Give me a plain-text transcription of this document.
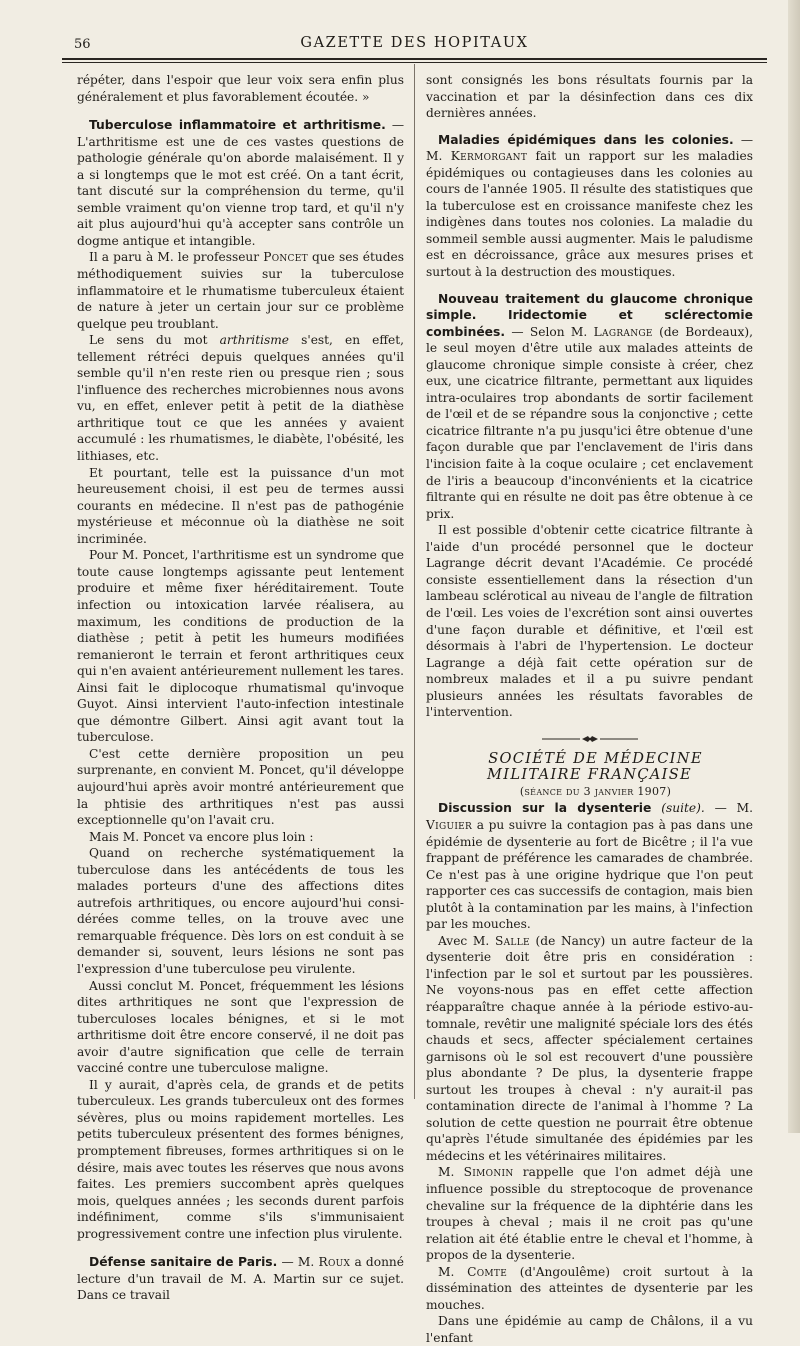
56	GAZETTE DES HOPITAUX

répéter, dans l'espoir que leur voix sera enfin plus généralement et plus favorablement écoutée. »

Tuberculose inflammatoire et arthritisme. — L'arthritisme est une de ces vastes questions de pathologie générale qu'on aborde malaisément. Il y a si longtemps que le mot est créé. On a tant écrit, tant discuté sur la compréhension du terme, qu'il semble vraiment qu'on vienne trop tard, et qu'il n'y ait plus aujourd'hui qu'à accepter sans contrôle un dogme antique et intangible.

Il a paru à M. le professeur Poncet que ses études méthodiquement suivies sur la tuberculose inflammatoire et le rhumatisme tuberculeux étaient de nature à jeter un certain jour sur ce problème quelque peu troublant.

Le sens du mot arthritisme s'est, en effet, tellement rétréci depuis quelques années qu'il semble qu'il n'en reste rien ou presque rien ; sous l'influence des recherches microbiennes nous avons vu, en effet, enlever petit à petit de la diathèse arthritique tout ce que les années y avaient accumulé : les rhumatismes, le diabète, l'obésité, les lithiases, etc.

Et pourtant, telle est la puissance d'un mot heureusement choisi, il est peu de termes aussi courants en médecine. Il n'est pas de pathogénie mystérieuse et méconnue où la diathèse ne soit incriminée.

Pour M. Poncet, l'arthritisme est un syndrome que toute cause longtemps agissante peut lentement produire et même fixer héréditairement. Toute infection ou intoxication larvée réalisera, au maximum, les conditions de production de la diathèse ; petit à petit les humeurs modifiées remanieront le terrain et feront arthritiques ceux qui n'en avaient antérieurement nullement les tares. Ainsi fait le diplocoque rhumatismal qu'invoque Guyot. Ainsi intervient l'auto-infection intestinale que démontre Gilbert. Ainsi agit avant tout la tuberculose.

C'est cette dernière proposition un peu surprenante, en convient M. Poncet, qu'il développe aujourd'hui après avoir montré antérieurement que la phtisie des arthritiques n'est pas aussi exceptionnelle qu'on l'avait cru.

Mais M. Poncet va encore plus loin :

Quand on recherche systématiquement la tuberculose dans les antécédents de tous les malades porteurs d'une des affections dites autrefois arthritiques, ou encore aujourd'hui considérées comme telles, on la trouve avec une remarquable fréquence. Dès lors on est conduit à se demander si, souvent, leurs lésions ne sont pas l'expression d'une tuberculose peu virulente.

Aussi conclut M. Poncet, fréquemment les lésions dites arthritiques ne sont que l'expression de tuberculoses locales bénignes, et si le mot arthritisme doit être encore conservé, il ne doit pas avoir d'autre signification que celle de terrain vacciné contre une tuberculose maligne.

Il y aurait, d'après cela, de grands et de petits tuberculeux. Les grands tuberculeux ont des formes sévères, plus ou moins rapidement mortelles. Les petits tuberculeux présentent des formes bénignes, promptement fibreuses, formes arthritiques si on le désire, mais avec toutes les réserves que nous avons faites. Les premiers succombent après quelques mois, quelques années ; les seconds durent parfois indéfiniment, comme s'ils s'immunisaient progressivement contre une infection plus virulente.

Défense sanitaire de Paris. — M. Roux a donné lecture d'un travail de M. A. Martin sur ce sujet. Dans ce travail

sont consignés les bons résultats fournis par la vaccination et par la désinfection dans ces dix dernières années.

Maladies épidémiques dans les colonies. — M. Kermorgant fait un rapport sur les maladies épidémiques ou contagieuses dans les colonies au cours de l'année 1905. Il résulte des statistiques que la tuberculose est en croissance manifeste chez les indigènes dans toutes nos colonies. La maladie du sommeil semble aussi augmenter. Mais le paludisme est en décroissance, grâce aux mesures prises et surtout à la destruction des moustiques.

Nouveau traitement du glaucome chronique simple. Iridectomie et sclérectomie combinées. — Selon M. Lagrange (de Bordeaux), le seul moyen d'être utile aux malades atteints de glaucome chronique simple consiste à créer, chez eux, une cicatrice filtrante, permettant aux liquides intra-oculaires trop abondants de sortir facilement de l'œil et de se répandre sous la conjonctive ; cette cicatrice filtrante n'a pu jusqu'ici être obtenue d'une façon durable que par l'enclavement de l'iris dans l'incision faite à la coque oculaire ; cet enclavement de l'iris a beaucoup d'inconvénients et la cicatrice filtrante qui en résulte ne doit pas être obtenue à ce prix.

Il est possible d'obtenir cette cicatrice filtrante à l'aide d'un procédé personnel que le docteur Lagrange décrit devant l'Académie. Ce procédé consiste essentiellement dans la résection d'un lambeau sclérotical au niveau de l'angle de filtration de l'œil. Les voies de l'excrétion sont ainsi ouvertes d'une façon durable et définitive, et l'œil est désormais à l'abri de l'hypertension. Le docteur Lagrange a déjà fait cette opération sur de nombreux malades et il a pu suivre pendant plusieurs années les résultats favorables de l'intervention.

SOCIÉTÉ DE MÉDECINE MILITAIRE FRANÇAISE

(séance du 3 janvier 1907)

Discussion sur la dysenterie (suite). — M. Viguier a pu suivre la contagion pas à pas dans une épidémie de dysenterie au fort de Bicêtre ; il l'a vue frappant de préférence les camarades de chambrée. Ce n'est pas à une origine hydrique que l'on peut rapporter ces cas successifs de contagion, mais bien plutôt à la contamination par les mains, à l'infection par les mouches.

Avec M. Salle (de Nancy) un autre facteur de la dysenterie doit être pris en considération : l'infection par le sol et surtout par les poussières. Ne voyons-nous pas en effet cette affection réapparaître chaque année à la période estivo-automnale, revêtir une malignité spéciale lors des étés chauds et secs, affecter spécialement certaines garnisons où le sol est recouvert d'une poussière plus abondante ? De plus, la dysenterie frappe surtout les troupes à cheval : n'y aurait-il pas contamination directe de l'animal à l'homme ? La solution de cette question ne pourrait être obtenue qu'après l'étude simultanée des épidémies par les médecins et les vétérinaires militaires.

M. Simonin rappelle que l'on admet déjà une influence possible du streptocoque de provenance chevaline sur la fréquence de la diphtérie dans les troupes à cheval ; mais il ne croit pas qu'une relation ait été établie entre le cheval et l'homme, à propos de la dysenterie.

M. Comte (d'Angoulême) croit surtout à la dissémination des atteintes de dysenterie par les mouches.

Dans une épidémie au camp de Châlons, il a vu l'enfant
